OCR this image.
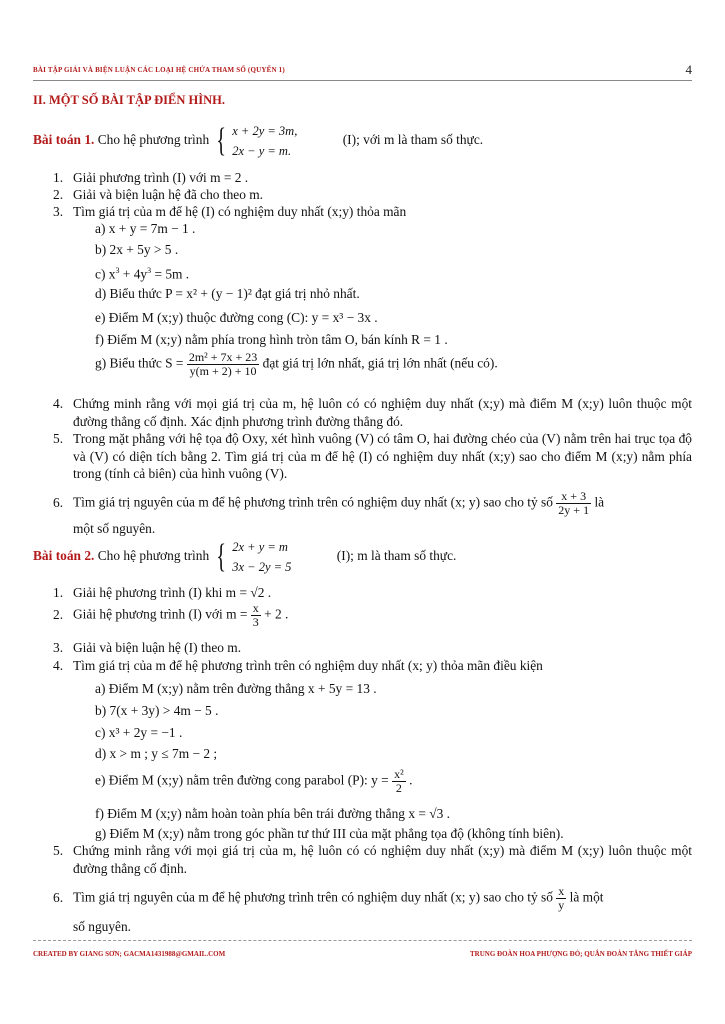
BÀI TẬP GIẢI VÀ BIỆN LUẬN CÁC LOẠI HỆ CHỨA THAM SỐ (QUYỂN 1)	4
II. MỘT SỐ BÀI TẬP ĐIỂN HÌNH.
Bài toán 1. Cho hệ phương trình { x + 2y = 3m,
2x − y = m.
(I); với m là tham số thực.
1. Giải phương trình (I) với m = 2 .
2. Giải và biện luận hệ đã cho theo m.
3. Tìm giá trị của m để hệ (I) có nghiệm duy nhất (x;y) thỏa mãn
a) x + y = 7m − 1 .
b) 2x + 5y > 5 .
c) $x^3 + 4y^3 = 5m$ .
d) Biểu thức P = x² + (y − 1)² đạt giá trị nhỏ nhất.
e) Điểm M (x;y) thuộc đường cong (C): y = x³ − 3x .
f) Điểm M (x;y) nằm phía trong hình tròn tâm O, bán kính R = 1 .
g) Biểu thức $S = \frac{\text{2m² + 7x + 23}}{y(m + 2) + 10}$ đạt giá trị lớn nhất, giá trị lớn nhất (nếu có).
4. Chứng minh rằng với mọi giá trị của m, hệ luôn có có nghiệm duy nhất (x;y) mà điểm M (x;y) luôn thuộc một đường thẳng cố định. Xác định phương trình đường thẳng đó.
5. Trong mặt phẳng với hệ tọa độ Oxy, xét hình vuông (V) có tâm O, hai đường chéo của (V) nằm trên hai trục tọa độ và (V) có diện tích bằng 2. Tìm giá trị của m để hệ (I) có nghiệm duy nhất (x;y) sao cho điểm M (x;y) nằm phía trong (tính cả biên) của hình vuông (V).
6. Tìm giá trị nguyên của m để hệ phương trình trên có nghiệm duy nhất (x; y) sao cho tỷ số $\frac{x + 3}{2y + 1}$ là
một số nguyên.
Bài toán 2. Cho hệ phương trình { 2x + y = m
3x − 2y = 5
(I); m là tham số thực.
1. Giải hệ phương trình (I) khi m = √2 .
2. Giải hệ phương trình (I) với $m = \frac{x}{3} + 2$ .
3. Giải và biện luận hệ (I) theo m.
4. Tìm giá trị của m để hệ phương trình trên có nghiệm duy nhất (x; y) thỏa mãn điều kiện
a) Điểm M (x;y) nằm trên đường thẳng x + 5y = 13 .
b) 7(x + 3y) > 4m − 5 .
c) x³ + 2y = −1 .
d) x > m ; y ≤ 7m − 2 ;
e) Điểm M (x;y) nằm trên đường cong parabol (P): $y = \frac{\text{x²}}{2}$ .
f) Điểm M (x;y) nằm hoàn toàn phía bên trái đường thẳng x = √3 .
g) Điểm M (x;y) nằm trong góc phần tư thứ III của mặt phẳng tọa độ (không tính biên).
5. Chứng minh rằng với mọi giá trị của m, hệ luôn có có nghiệm duy nhất (x;y) mà điểm M (x;y) luôn thuộc một đường thẳng cố định.
6. Tìm giá trị nguyên của m để hệ phương trình trên có nghiệm duy nhất (x; y) sao cho tỷ số $\frac{x}{y}$ là một
số nguyên.
CREATED BY GIANG SƠN; GACMA1431988@GMAIL.COM	TRUNG ĐOÀN HOA PHƯỢNG ĐỎ; QUÂN ĐOÀN TĂNG THIẾT GIÁP
